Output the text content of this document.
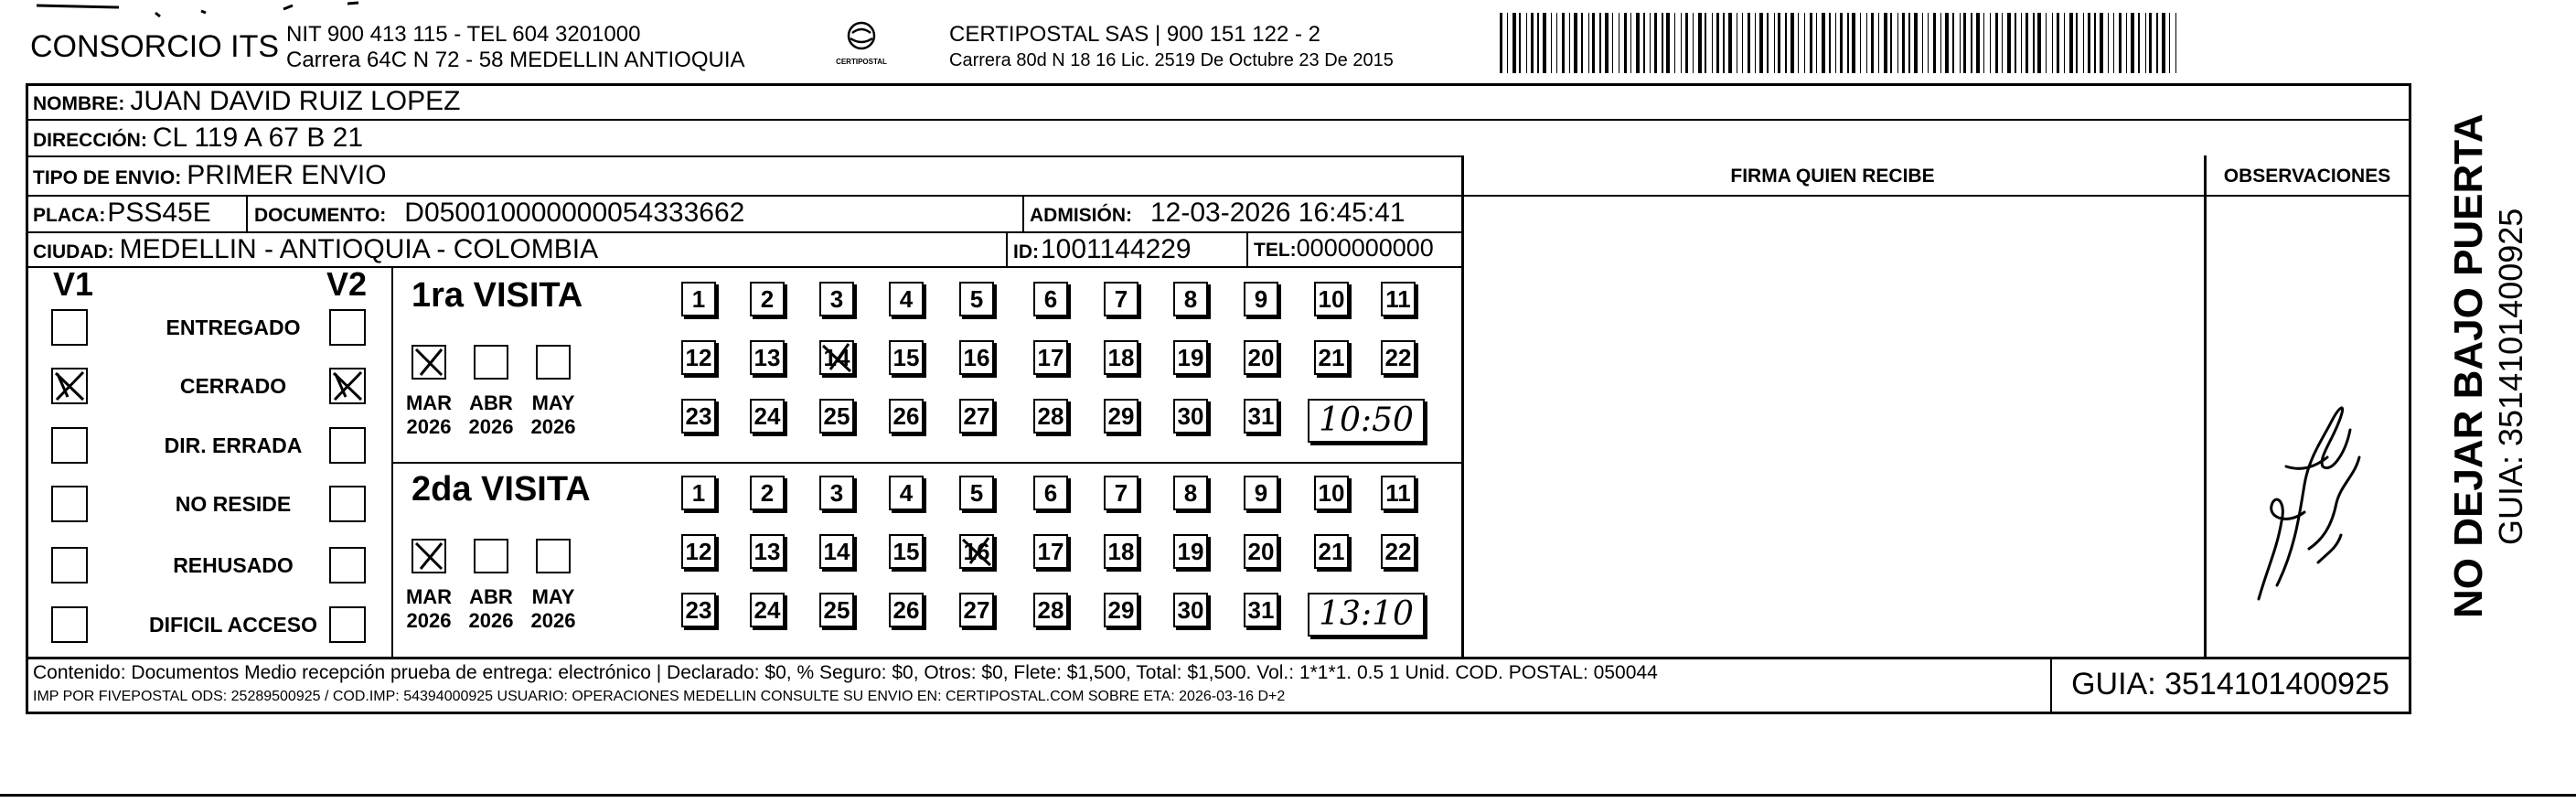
CONSORCIO ITS NIT 900 413 115 - TEL 604 3201000
Carrera 64C N 72 - 58 MEDELLIN ANTIOQUIA	CERTIPOSTAL
CERTIPOSTAL SAS | 900 151 122 - 2
Carrera 80d N 18 16 Lic. 2519 De Octubre 23 De 2015
NOMBRE: JUAN DAVID RUIZ LOPEZ
DIRECCIÓN: CL 119 A 67 B 21
TIPO DE ENVIO: PRIMER ENVIO	FIRMA QUIEN RECIBE	OBSERVACIONES
PLACA:PSS45E DOCUMENTO: D050010000000054333662	ADMISIÓN: 12-03-2026 16:45:41
CIUDAD: MEDELLIN - ANTIOQUIA - COLOMBIA	ID:1001144229	TEL:0000000000
V1	V2
ENTREGADO
CERRADO
DIR. ERRADA
NO RESIDE
REHUSADO
DIFICIL ACCESO
1ra VISITA
MAR
2026
ABR
2026
MAY
2026
1	2	3	4	5	6	7	8	9	10 11
12 13 14 15 16 17 18 19 20 21 22
23 24 25 26 27 28 29 30 31	10:50
2da VISITA
MAR
2026
ABR
2026
MAY
2026
1	2	3	4	5	6	7	8	9	10 11
12 13 14 15 16 17 18 19 20 21 22
23 24 25 26 27 28 29 30 31	13:10
Contenido: Documentos Medio recepción prueba de entrega: electrónico | Declarado: $0, % Seguro: $0, Otros: $0, Flete: $1,500, Total: $1,500. Vol.: 1*1*1. 0.5 1 Unid. COD. POSTAL: 050044
IMP POR FIVEPOSTAL ODS: 25289500925 / COD.IMP: 54394000925 USUARIO: OPERACIONES MEDELLIN CONSULTE SU ENVIO EN: CERTIPOSTAL.COM SOBRE ETA: 2026-03-16 D+2	GUIA: 3514101400925
NO DEJAR BAJO PUERTA GUIA: 3514101400925
